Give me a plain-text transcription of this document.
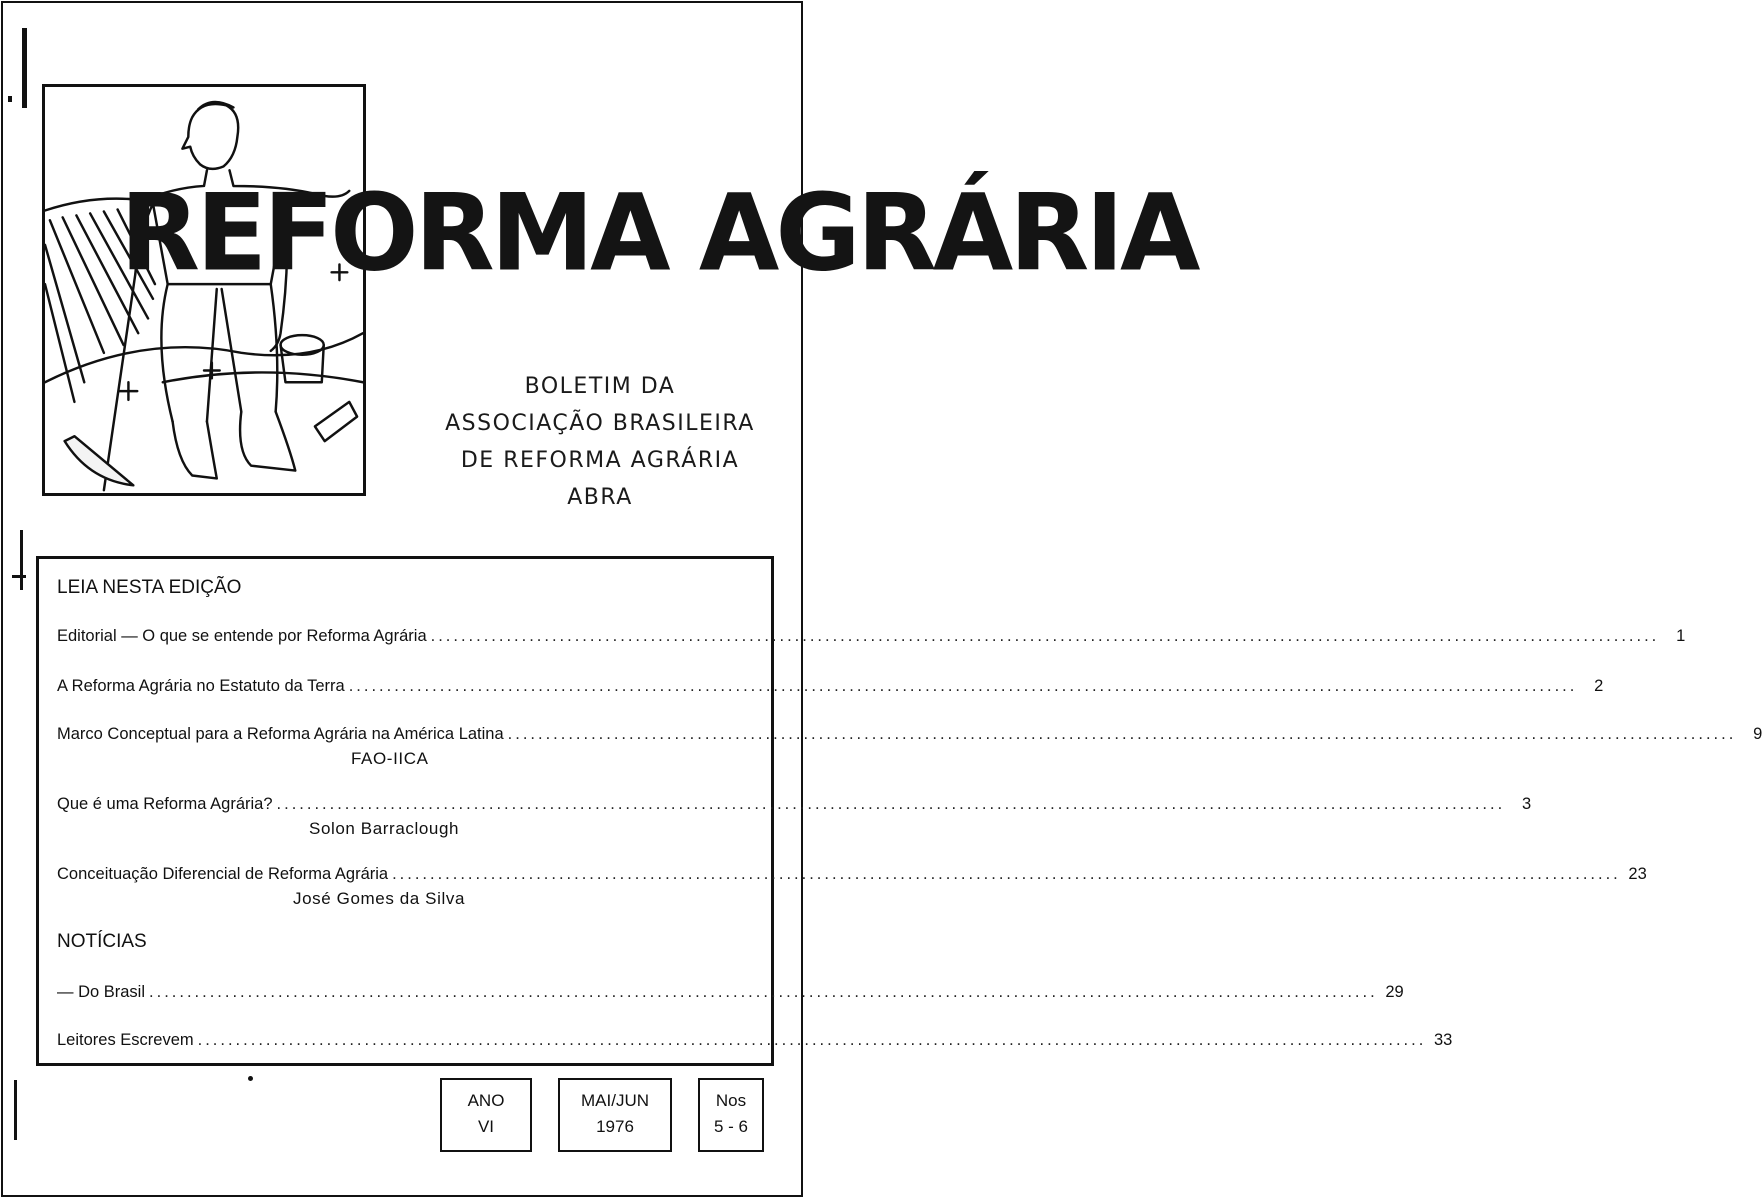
REFORMA AGRÁRIA
BOLETIM DA
ASSOCIAÇÃO BRASILEIRA
DE REFORMA AGRÁRIA
ABRA
LEIA NESTA EDIÇÃO
Editorial — O que se entende por Reforma Agrária .....	1
A Reforma Agrária no Estatuto da Terra .....	2
Marco Conceptual para a Reforma Agrária na América Latina .....	9
FAO-IICA
Que é uma Reforma Agrária? .....	3
Solon Barraclough
Conceituação Diferencial de Reforma Agrária .....	23
José Gomes da Silva
NOTÍCIAS
— Do Brasil .....	29
Leitores Escrevem .....	33
ANO
VI
MAI/JUN
1976
Nos
5 - 6
